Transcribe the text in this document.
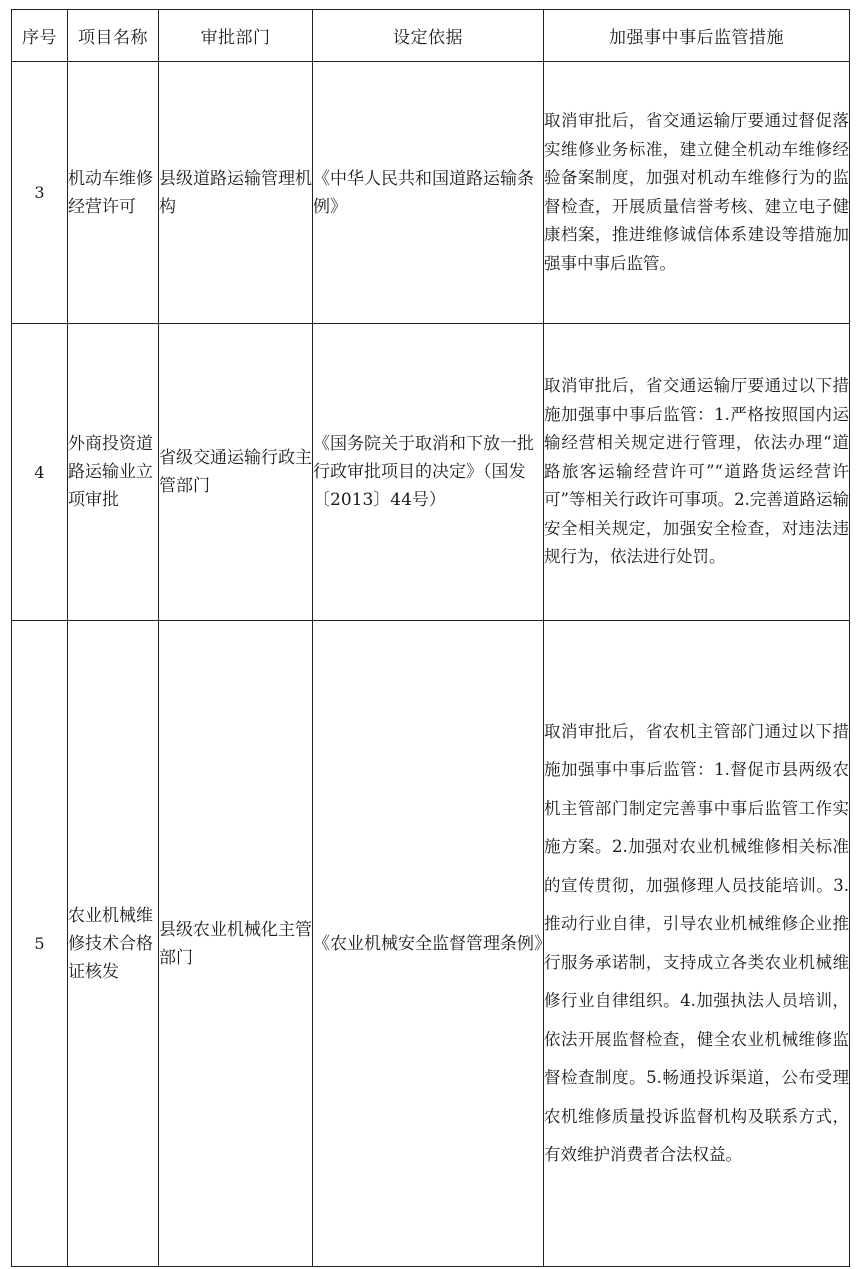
序号	项目名称	审批部门	设定依据	加强事中事后监管措施
3	机动车维修经营许可	县级道路运输管理机构	《中华人民共和国道路运输条例》	取消审批后，省交通运输厅要通过督促落实维修业务标准，建立健全机动车维修经验备案制度，加强对机动车维修行为的监督检查，开展质量信誉考核、建立电子健康档案，推进维修诚信体系建设等措施加强事中事后监管。
4	外商投资道路运输业立项审批	省级交通运输行政主管部门	《国务院关于取消和下放一批行政审批项目的决定》（国发〔2013〕44号）	取消审批后，省交通运输厅要通过以下措施加强事中事后监管：1.严格按照国内运输经营相关规定进行管理，依法办理“道路旅客运输经营许可”“道路货运经营许可”等相关行政许可事项。2.完善道路运输安全相关规定，加强安全检查，对违法违规行为，依法进行处罚。
5	农业机械维修技术合格证核发	县级农业机械化主管部门	《农业机械安全监督管理条例》	取消审批后，省农机主管部门通过以下措施加强事中事后监管：1.督促市县两级农机主管部门制定完善事中事后监管工作实施方案。2.加强对农业机械维修相关标准的宣传贯彻，加强修理人员技能培训。3.推动行业自律，引导农业机械维修企业推行服务承诺制，支持成立各类农业机械维修行业自律组织。4.加强执法人员培训，依法开展监督检查，健全农业机械维修监督检查制度。5.畅通投诉渠道，公布受理农机维修质量投诉监督机构及联系方式，有效维护消费者合法权益。
